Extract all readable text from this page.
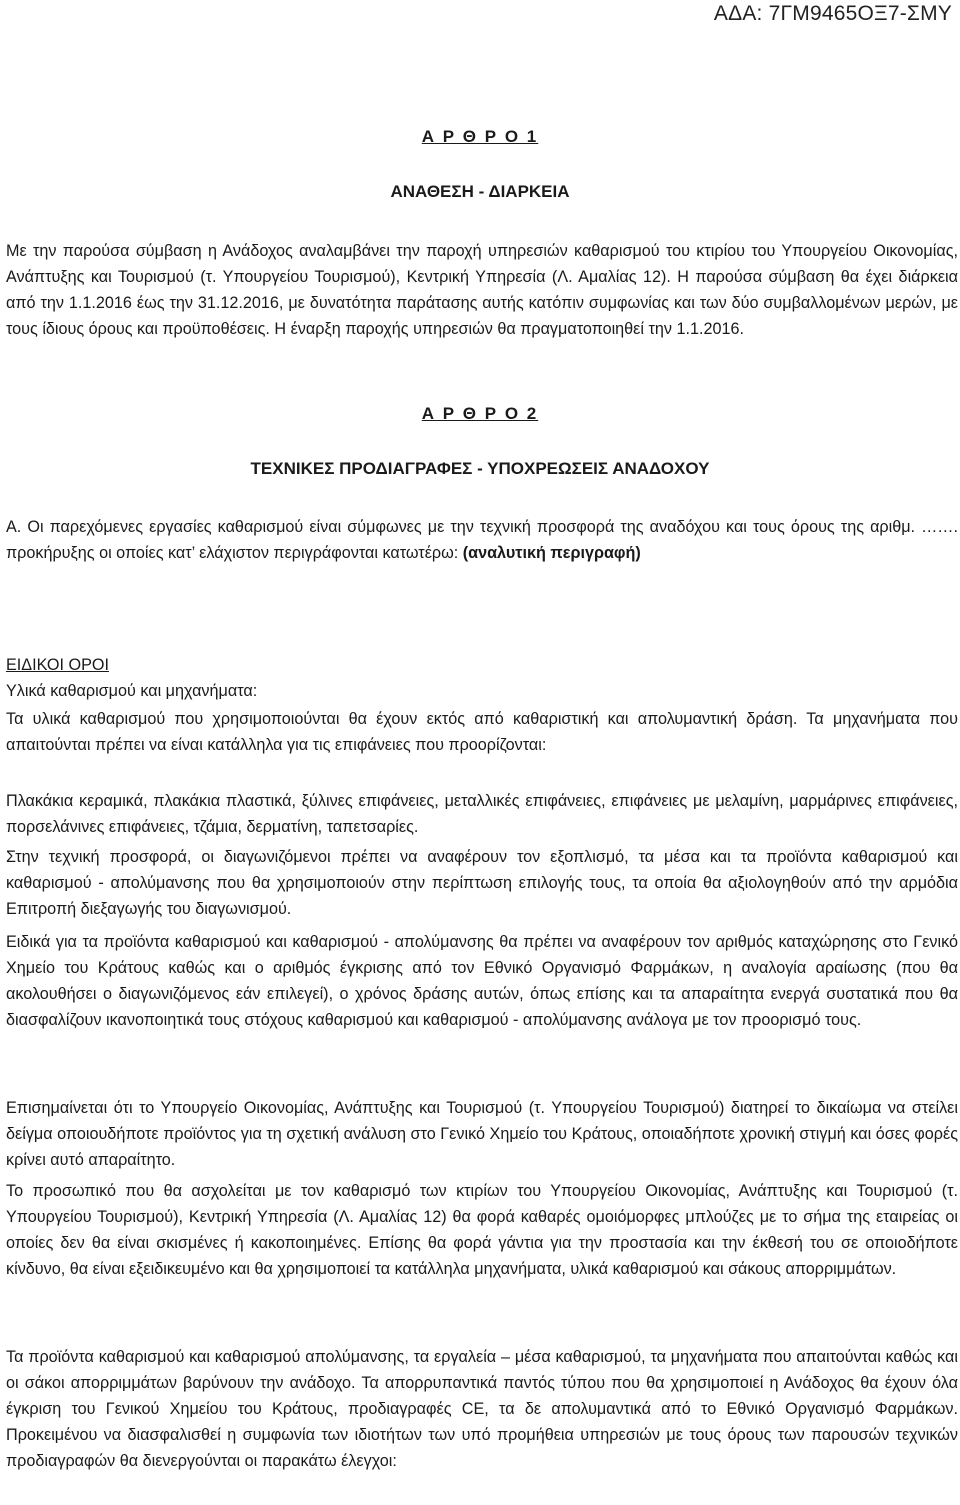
ΑΔΑ: 7ΓΜ9465ΟΞ7-ΣΜΥ

Α Ρ Θ Ρ Ο 1

ΑΝΑΘΕΣΗ - ΔΙΑΡΚΕΙΑ

Με την παρούσα σύμβαση η Ανάδοχος αναλαμβάνει την παροχή υπηρεσιών καθαρισμού του κτιρίου του Υπουργείου Οικονομίας, Ανάπτυξης και Τουρισμού (τ. Υπουργείου Τουρισμού), Κεντρική Υπηρεσία (Λ. Αμαλίας 12). Η παρούσα σύμβαση θα έχει διάρκεια από την 1.1.2016 έως την 31.12.2016, με δυνατότητα παράτασης αυτής κατόπιν συμφωνίας και των δύο συμβαλλομένων μερών, με τους ίδιους όρους και προϋποθέσεις. Η έναρξη παροχής υπηρεσιών θα πραγματοποιηθεί την 1.1.2016.

Α Ρ Θ Ρ Ο 2

ΤΕΧΝΙΚΕΣ ΠΡΟΔΙΑΓΡΑΦΕΣ - ΥΠΟΧΡΕΩΣΕΙΣ ΑΝΑΔΟΧΟΥ

Α. Οι παρεχόμενες εργασίες καθαρισμού είναι σύμφωνες με την τεχνική προσφορά της αναδόχου και τους όρους της αριθμ. ……. προκήρυξης οι οποίες κατ’ ελάχιστον περιγράφονται κατωτέρω: (αναλυτική περιγραφή)

ΕΙΔΙΚΟΙ ΟΡΟΙ

Υλικά καθαρισμού και μηχανήματα:

Τα υλικά καθαρισμού που χρησιμοποιούνται θα έχουν εκτός από καθαριστική και απολυμαντική δράση. Τα μηχανήματα που απαιτούνται πρέπει να είναι κατάλληλα για τις επιφάνειες που προορίζονται:

Πλακάκια κεραμικά, πλακάκια πλαστικά, ξύλινες επιφάνειες, μεταλλικές επιφάνειες, επιφάνειες με μελαμίνη, μαρμάρινες επιφάνειες, πορσελάνινες επιφάνειες, τζάμια, δερματίνη, ταπετσαρίες.

Στην τεχνική προσφορά, οι διαγωνιζόμενοι πρέπει να αναφέρουν τον εξοπλισμό, τα μέσα και τα προϊόντα καθαρισμού και καθαρισμού - απολύμανσης που θα χρησιμοποιούν στην περίπτωση επιλογής τους, τα οποία θα αξιολογηθούν από την αρμόδια Επιτροπή διεξαγωγής του διαγωνισμού.

Ειδικά για τα προϊόντα καθαρισμού και καθαρισμού - απολύμανσης θα πρέπει να αναφέρουν τον αριθμός καταχώρησης στο Γενικό Χημείο του Κράτους καθώς και ο αριθμός έγκρισης από τον Εθνικό Οργανισμό Φαρμάκων, η αναλογία αραίωσης (που θα ακολουθήσει ο διαγωνιζόμενος εάν επιλεγεί), ο χρόνος δράσης αυτών, όπως επίσης και τα απαραίτητα ενεργά συστατικά που θα διασφαλίζουν ικανοποιητικά τους στόχους καθαρισμού και καθαρισμού - απολύμανσης ανάλογα με τον προορισμό τους.

Επισημαίνεται ότι το Υπουργείο Οικονομίας, Ανάπτυξης και Τουρισμού (τ. Υπουργείου Τουρισμού) διατηρεί το δικαίωμα να στείλει δείγμα οποιουδήποτε προϊόντος για τη σχετική ανάλυση στο Γενικό Χημείο του Κράτους, οποιαδήποτε χρονική στιγμή και όσες φορές κρίνει αυτό απαραίτητο.

Το προσωπικό που θα ασχολείται με τον καθαρισμό των κτιρίων του Υπουργείου Οικονομίας, Ανάπτυξης και Τουρισμού (τ. Υπουργείου Τουρισμού), Κεντρική Υπηρεσία (Λ. Αμαλίας 12) θα φορά καθαρές ομοιόμορφες μπλούζες με το σήμα της εταιρείας οι οποίες δεν θα είναι σκισμένες ή κακοποιημένες. Επίσης θα φορά γάντια για την προστασία και την έκθεσή του σε οποιοδήποτε κίνδυνο, θα είναι εξειδικευμένο και θα χρησιμοποιεί τα κατάλληλα μηχανήματα, υλικά καθαρισμού και σάκους απορριμμάτων.

Τα προϊόντα καθαρισμού και καθαρισμού απολύμανσης, τα εργαλεία – μέσα καθαρισμού, τα μηχανήματα που απαιτούνται καθώς και οι σάκοι απορριμμάτων βαρύνουν την ανάδοχο. Τα απορρυπαντικά παντός τύπου που θα χρησιμοποιεί η Ανάδοχος θα έχουν όλα έγκριση του Γενικού Χημείου του Κράτους, προδιαγραφές CE, τα δε απολυμαντικά από το Εθνικό Οργανισμό Φαρμάκων. Προκειμένου να διασφαλισθεί η συμφωνία των ιδιοτήτων των υπό προμήθεια υπηρεσιών με τους όρους των παρουσών τεχνικών προδιαγραφών θα διενεργούνται οι παρακάτω έλεγχοι:
